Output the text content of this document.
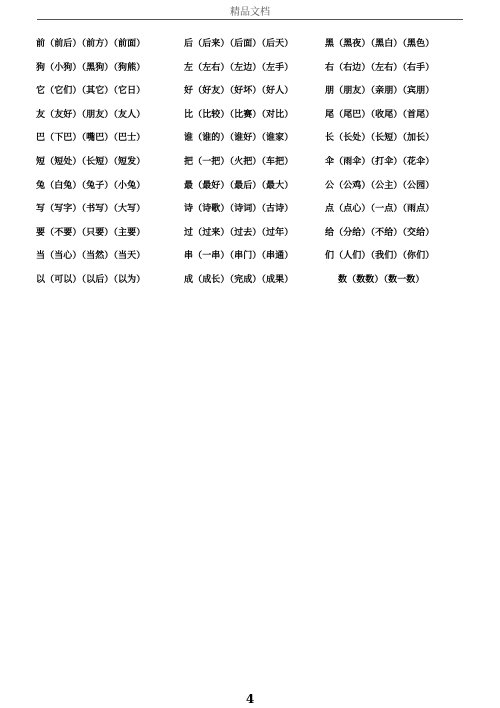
精品文档
前（前后）（前方）（前面）	后（后来）（后面）（后天）	黑（黑夜）（黑白）（黑色）
狗（小狗）（黑狗）（狗熊）	左（左右）（左边）（左手）	右（右边）（左右）（右手）
它（它们）（其它）（它日）	好（好友）（好坏）（好人）	朋（朋友）（亲朋）（宾朋）
友（友好）（朋友）（友人）	比（比较）（比赛）（对比）	尾（尾巴）（收尾）（首尾）
巴（下巴）（嘴巴）（巴士）	谁（谁的）（谁好）（谁家）	长（长处）（长短）（加长）
短（短处）（长短）（短发）	把（一把）（火把）（车把）	伞（雨伞）（打伞）（花伞）
兔（白兔）（兔子）（小兔）	最（最好）（最后）（最大）	公（公鸡）（公主）（公园）
写（写字）（书写）（大写）	诗（诗歌）（诗词）（古诗）	点（点心）（一点）（雨点）
要（不要）（只要）（主要）	过（过来）（过去）（过年）	给（分给）（不给）（交给）
当（当心）（当然）（当天）	串（一串）（串门）（串通）	们（人们）（我们）（你们）
以（可以）（以后）（以为）	成（成长）（完成）（成果）	数（数数）（数一数）
4
